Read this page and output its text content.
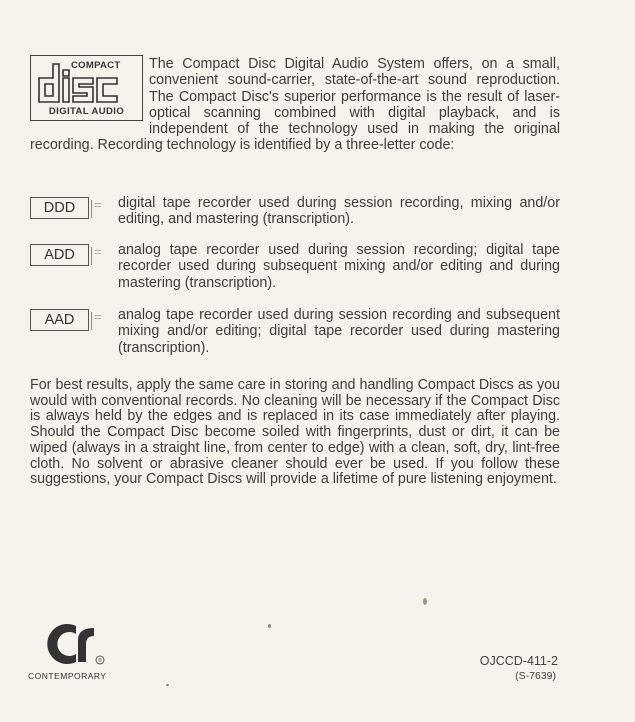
COMPACT
DIGITAL AUDIO

The Compact Disc Digital Audio System offers, on a small, convenient sound-carrier, state-of-the-art sound reproduction. The Compact Disc's superior performance is the result of laser-optical scanning combined with digital playback, and is independent of the technology used in making the original recording. Recording technology is identified by a three-letter code:

DDD	= digital tape recorder used during session recording, mixing and/or editing, and mastering (transcription).
ADD	= analog tape recorder used during session recording; digital tape recorder used during subsequent mixing and/or editing and during mastering (transcription).
AAD	= analog tape recorder used during session recording and subsequent mixing and/or editing; digital tape recorder used during mastering (transcription).

For best results, apply the same care in storing and handling Compact Discs as you would with conventional records. No cleaning will be necessary if the Compact Disc is always held by the edges and is replaced in its case immediately after playing. Should the Compact Disc become soiled with fingerprints, dust or dirt, it can be wiped (always in a straight line, from center to edge) with a clean, soft, dry, lint-free cloth. No solvent or abrasive cleaner should ever be used. If you follow these suggestions, your Compact Discs will provide a lifetime of pure listening enjoyment.

®
CONTEMPORARY
OJCCD-411-2
(S-7639)
